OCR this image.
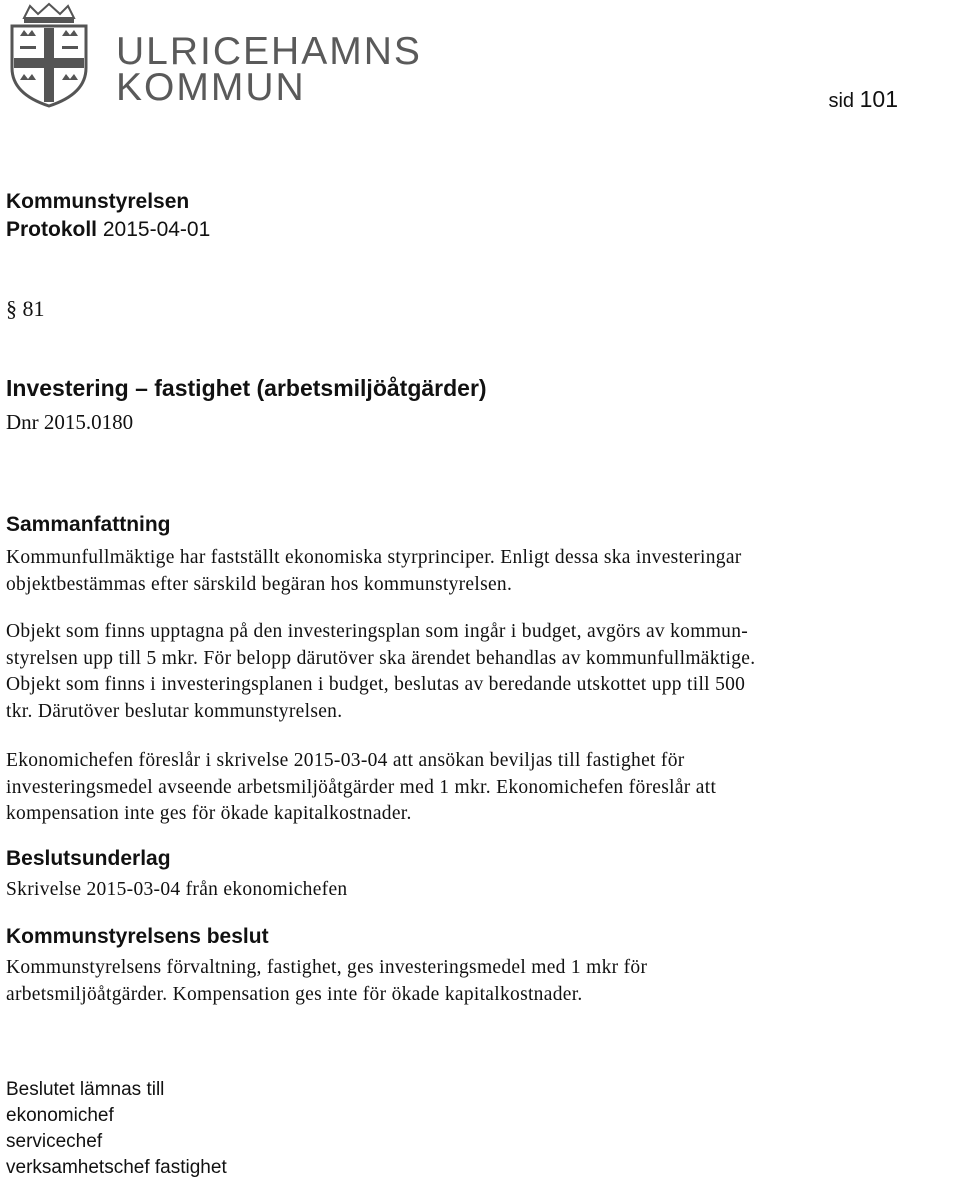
ULRICEHAMNS
KOMMUN	sid 101
Kommunstyrelsen
Protokoll 2015-04-01
§ 81
Investering – fastighet (arbetsmiljöåtgärder)
Dnr 2015.0180
Sammanfattning
Kommunfullmäktige har fastställt ekonomiska styrprinciper. Enligt dessa ska investeringar
objektbestämmas efter särskild begäran hos kommunstyrelsen.
Objekt som finns upptagna på den investeringsplan som ingår i budget, avgörs av kommun-
styrelsen upp till 5 mkr. För belopp därutöver ska ärendet behandlas av kommunfullmäktige.
Objekt som finns i investeringsplanen i budget, beslutas av beredande utskottet upp till 500
tkr. Därutöver beslutar kommunstyrelsen.
Ekonomichefen föreslår i skrivelse 2015-03-04 att ansökan beviljas till fastighet för
investeringsmedel avseende arbetsmiljöåtgärder med 1 mkr. Ekonomichefen föreslår att
kompensation inte ges för ökade kapitalkostnader.
Beslutsunderlag
Skrivelse 2015-03-04 från ekonomichefen
Kommunstyrelsens beslut
Kommunstyrelsens förvaltning, fastighet, ges investeringsmedel med 1 mkr för
arbetsmiljöåtgärder. Kompensation ges inte för ökade kapitalkostnader.
Beslutet lämnas till
ekonomichef
servicechef
verksamhetschef fastighet
